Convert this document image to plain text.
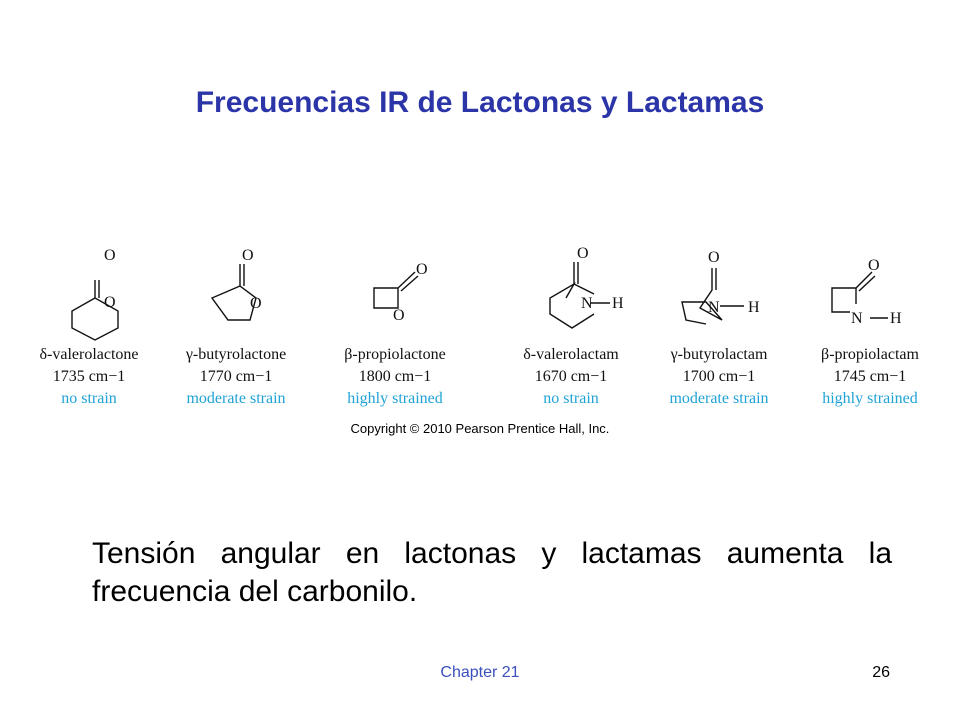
Frecuencias IR de Lactonas y Lactamas
O
O
O
O
O
O
O
N H
O
N H
O
N H
δ-valerolactone
1735 cm−1
no strain
γ-butyrolactone
1770 cm−1
moderate strain
β-propiolactone
1800 cm−1
highly strained
δ-valerolactam
1670 cm−1
no strain
γ-butyrolactam
1700 cm−1
moderate strain
β-propiolactam
1745 cm−1
highly strained
Copyright © 2010 Pearson Prentice Hall, Inc.
Tensión angular en lactonas y lactamas aumenta la frecuencia del carbonilo.
Chapter 21	26
